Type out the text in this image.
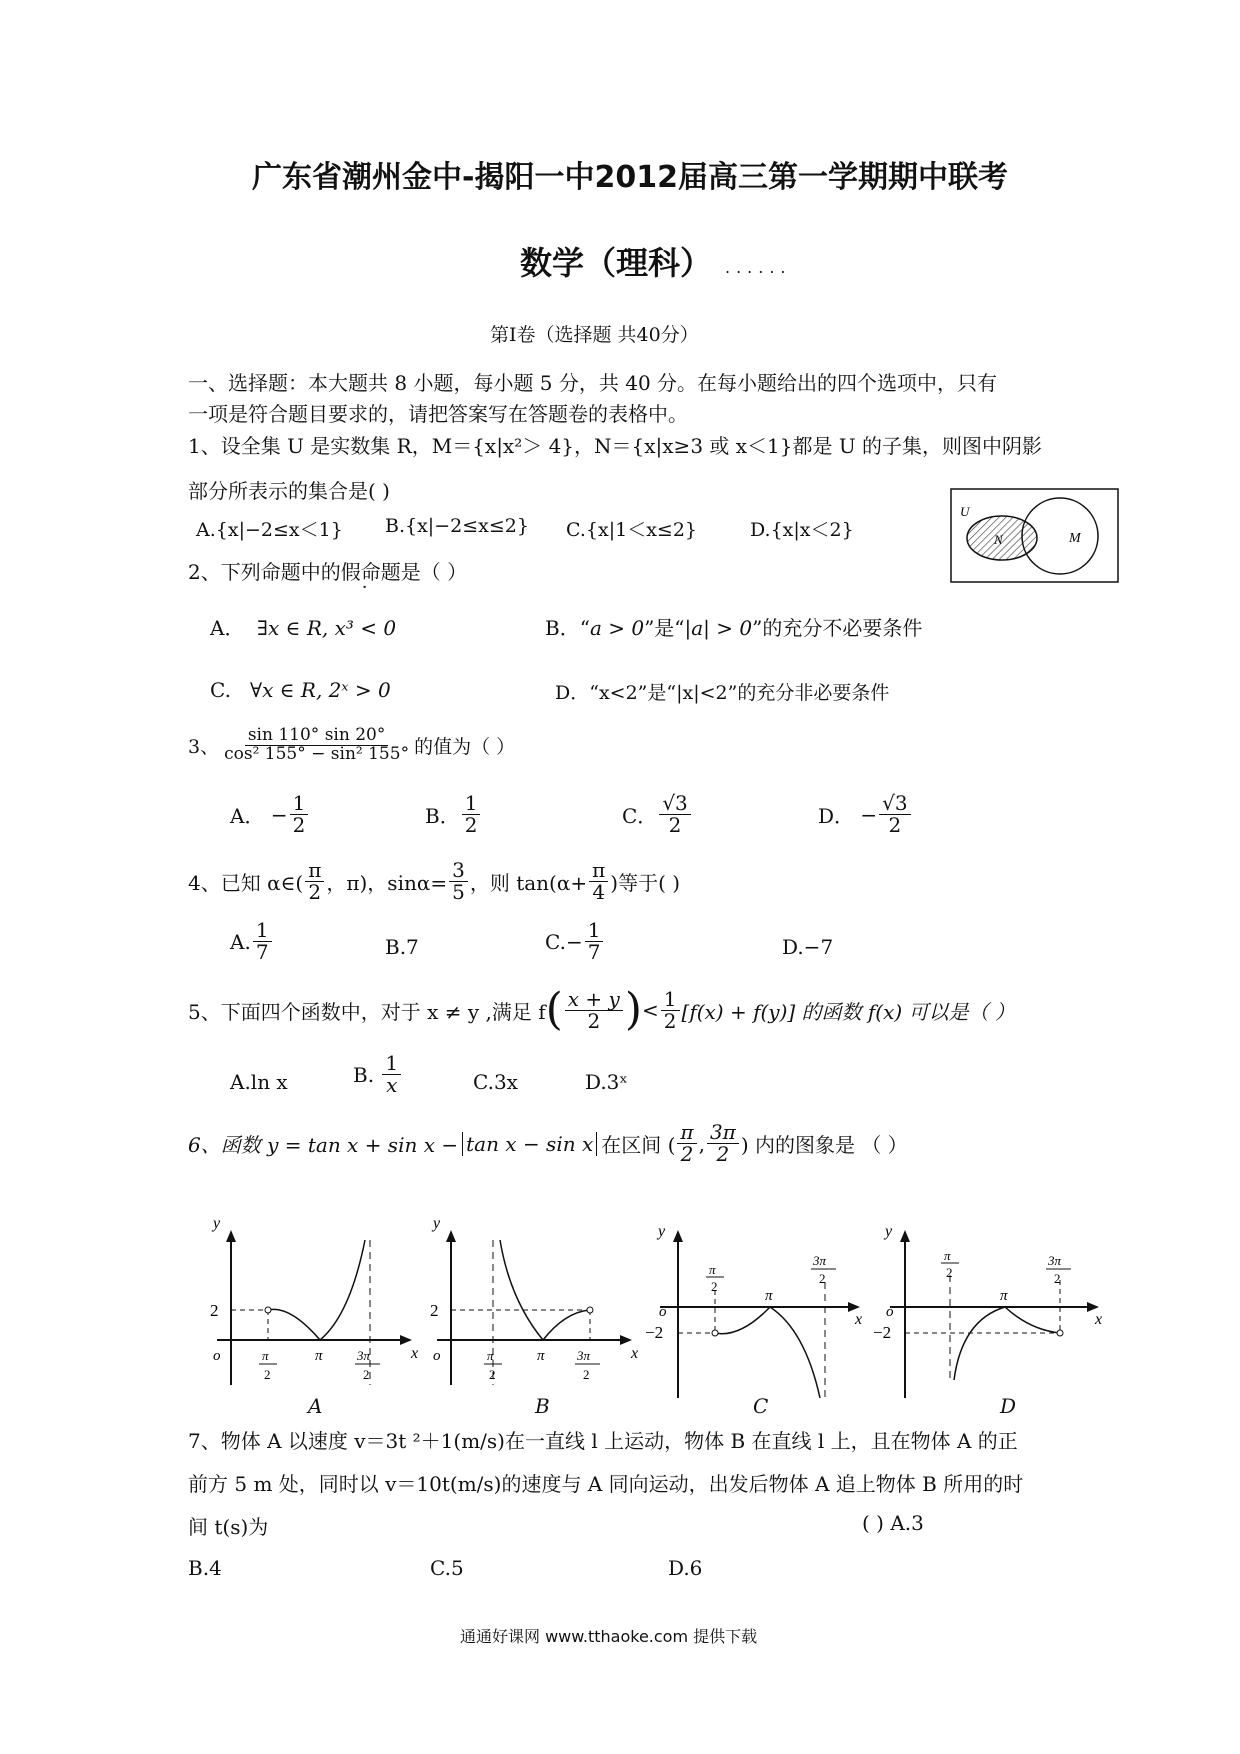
广东省潮州金中-揭阳一中2012届高三第一学期期中联考
数学（理科） ......
第Ⅰ卷（选择题 共40分）
一、选择题：本大题共 8 小题，每小题 5 分，共 40 分。在每小题给出的四个选项中，只有
一项是符合题目要求的，请把答案写在答题卷的表格中。
1、设全集 U 是实数集 R，M＝{x|x²＞ 4}，N＝{x|x≥3 或 x＜1}都是 U 的子集，则图中阴影
部分所表示的集合是( )
A.{x|−2≤x＜1} B.{x|−2≤x≤2} C.{x|1＜x≤2}	D.{x|x＜2}
U
N	M
2、下列命题中的假命题是（ ）
A． ∃x ∈ R, x³ < 0	B．“a > 0”是“|a| > 0”的充分不必要条件
C. ∀x ∈ R, 2ˣ > 0	D．“x<2”是“|x|<2”的充分非必要条件
3、 $\frac{\sin 110^\circ \sin 20^\circ}{\text{cos² 155° − sin² 155°}}$ 的值为（ ）
A．
− $\frac{1}{2}$	B． $\frac{1}{2}$	C． $\frac{√3}{2}$	D．
− $\frac{√3}{2}$
4、已知 α∈( $\frac{\pi}{2}$ ，π)，$\sin\alpha= \frac{3}{5}$ ，则 $\tan(\alpha+ \frac{\pi}{4}$ )等于( )
A. $\frac{1}{7}$	B.7	$C.- \frac{1}{7}$	D.−7
5、下面四个函数中，对于 x ≠ y ,满足 f ( $\frac{x + y}{2}$ ) < $\frac{1}{2} [f(x) + f(y)]$ 的函数 f(x) 可以是（ ）
A.ln x	B.
$\frac{1}{x}$	C.3x	D.3ˣ
6、函数 y = tan x + sin x − tan x − sin x 在区间 ( $\frac{\pi}{2}$ , $\frac{3\pi}{2}$ ) 内的图象是 （ ）
y
x
o
2
π
2
π	3π
2
A
y
x
o
2
π
2
π 3π
2
B
y
x
o
−2
π
2
π
3π
2
C
y
x
o
−2
π
2
π
3π
2
D
7、物体 A 以速度 v＝3t ²＋1(m/s)在一直线 l 上运动，物体 B 在直线 l 上，且在物体 A 的正
前方 5 m 处，同时以 v＝10t(m/s)的速度与 A 同向运动，出发后物体 A 追上物体 B 所用的时
间 t(s)为	( ) A.3
B.4	C.5	D.6
通通好课网 www.tthaoke.com 提供下载
